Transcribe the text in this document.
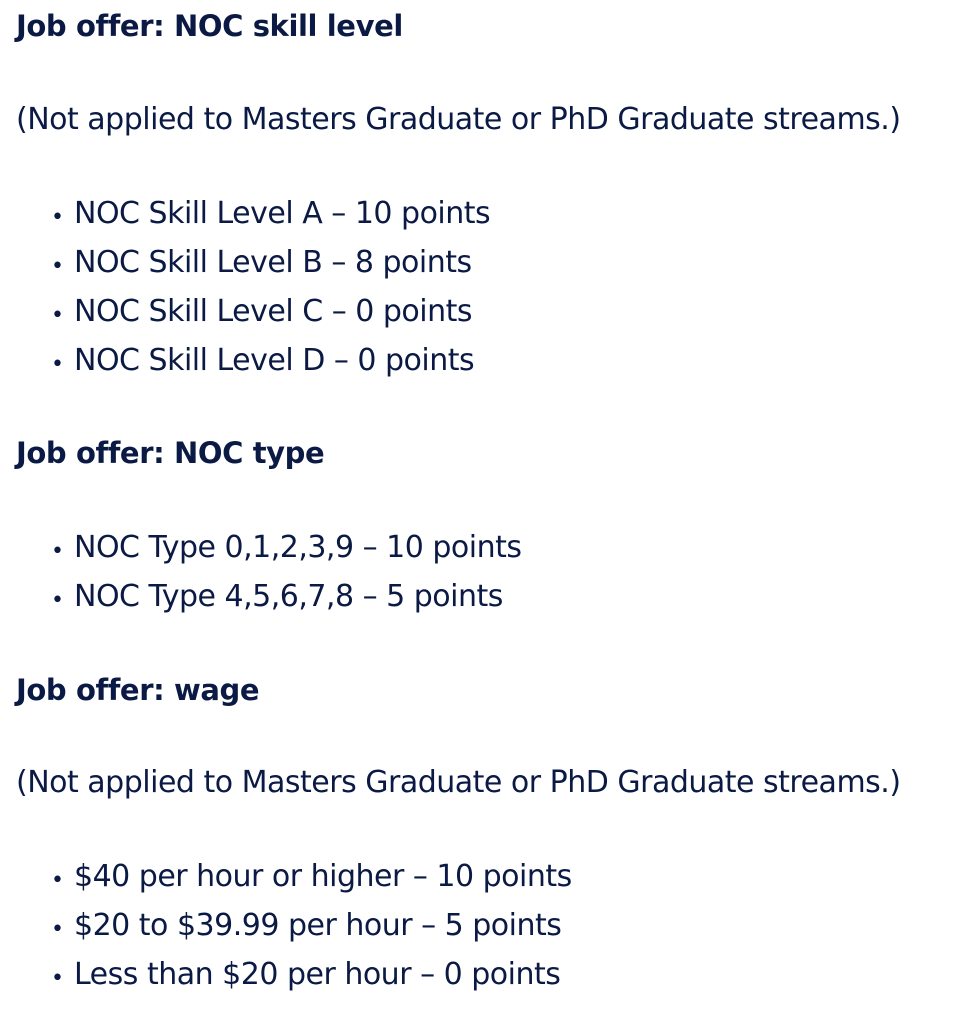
Job offer: NOC skill level
(Not applied to Masters Graduate or PhD Graduate streams.)
• NOC Skill Level A – 10 points
• NOC Skill Level B – 8 points
• NOC Skill Level C – 0 points
• NOC Skill Level D – 0 points
Job offer: NOC type
• NOC Type 0,1,2,3,9 – 10 points
• NOC Type 4,5,6,7,8 – 5 points
Job offer: wage
(Not applied to Masters Graduate or PhD Graduate streams.)
• $40 per hour or higher – 10 points
• $20 to $39.99 per hour – 5 points
• Less than $20 per hour – 0 points
